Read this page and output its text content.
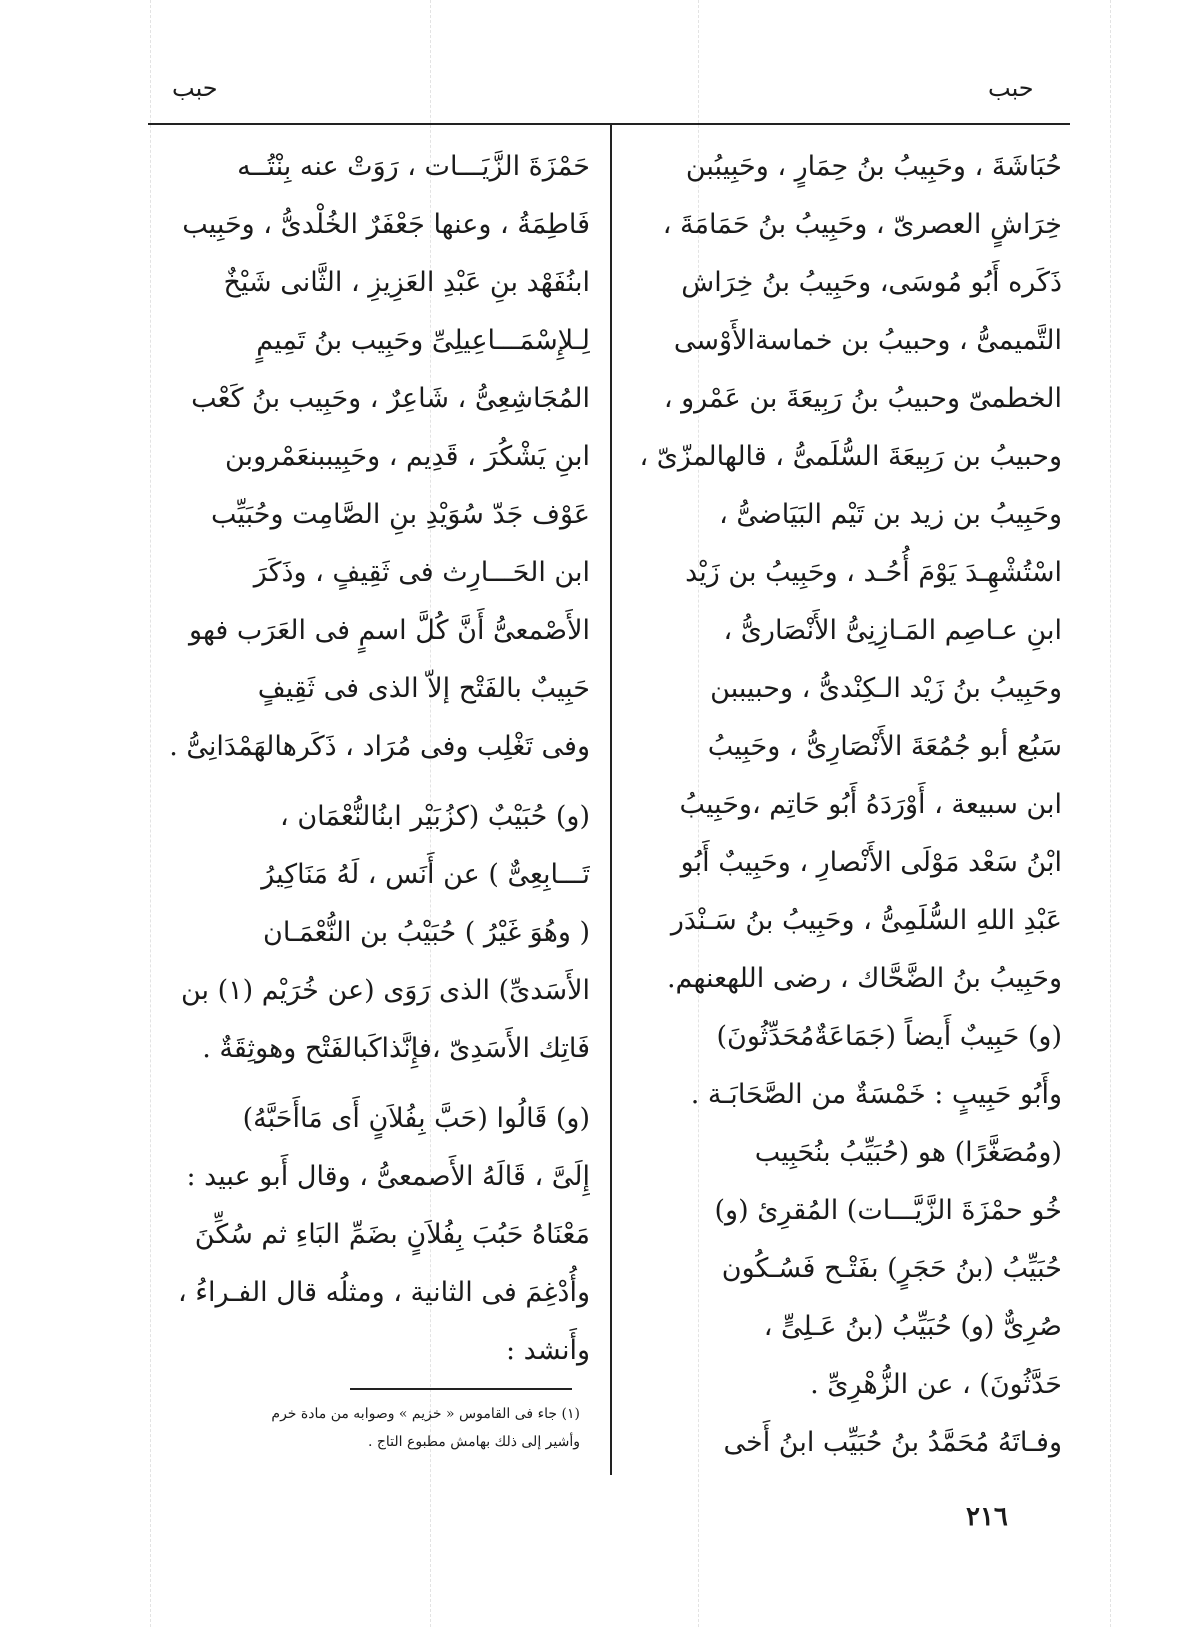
حبب	حبب
حُبَاشَةَ ، وحَبِيبُ بنُ حِمَارٍ ، وحَبِيبُبن
خِرَاشٍ العصرىّ ، وحَبِيبُ بنُ حَمَامَةَ ،
ذَكَره أَبُو مُوسَى، وحَبِيبُ بنُ خِرَاش
التَّميمىُّ ، وحبيبُ بن خماسةالأَوْسى
الخطمىّ وحبيبُ بنُ رَبِيعَةَ بن عَمْرو ،
وحبيبُ بن رَبِيعَةَ السُّلَمىُّ ، قالهالمزّىّ ،
وحَبِيبُ بن زيد بن تَيْم البَيَاضىُّ ،
اسْتُشْهِـدَ يَوْمَ أُحُـد ، وحَبِيبُ بن زَيْد
ابنِ عـاصِم المَـازِنِىُّ الأَنْصَارىُّ ،
وحَبِيبُ بنُ زَيْد الـكِنْدىُّ ، وحبيببن
سَبُع أبو جُمُعَةَ الأَنْصَارِىُّ ، وحَبِيبُ
ابن سبيعة ، أَوْرَدَهُ أَبُو حَاتِم ،وحَبِيبُ
ابْنُ سَعْد مَوْلَى الأَنْصارِ ، وحَبِيبٌ أَبُو
عَبْدِ اللهِ السُّلَمِىُّ ، وحَبِيبُ بنُ سَـنْدَر
وحَبِيبُ بنُ الضَّحَّاك ، رضى اللهعنهم.
(و) حَبِيبٌ أَيضاً (جَمَاعَةٌمُحَدِّثُونَ)
وأَبُو حَبِيبٍ : خَمْسَةٌ من الصَّحَابَـة .
(ومُصَغَّرًا) هو (حُبَيِّبُ بنُحَبِيب
خُو حمْزَةَ الزَّيَّـــات) المُقرِئ (و)
حُبَيِّبُ (بنُ حَجَرٍ) بفَتْـح فَسُـكُون
صُرِىٌّ (و) حُبَيِّبُ (بنُ عَـلِىٍّ ،
حَدَّثُونَ) ، عن الزُّهْرِىِّ .
وفـاتَهُ مُحَمَّدُ بنُ حُبَيِّب ابنُ أَخى
حَمْزَةَ الزَّيَـــات ، رَوَتْ عنه بِنْتُــه
فَاطِمَةُ ، وعنها جَعْفَرٌ الخُلْدىُّ ، وحَبِيب
ابنُفَهْد بنِ عَبْدِ العَزِيزِ ، الثَّانى شَيْخٌ
لِـلإِسْمَـــاعِيلِىِّ وحَبِيب بنُ تَمِيمٍ
المُجَاشِعِىُّ ، شَاعِرٌ ، وحَبِيب بنُ كَعْب
ابنِ يَشْكُرَ ، قَدِيم ، وحَبِيببنعَمْروبن
عَوْف جَدّ سُوَيْدِ بنِ الصَّامِت وحُبَيِّب
ابن الحَـــارِث فى ثَقِيفٍ ، وذَكَرَ
الأَصْمعىُّ أَنَّ كُلَّ اسمٍ فى العَرَب فهو
حَبِيبٌ بالفَتْح إلاّ الذى فى ثَقِيفٍ
وفى تَغْلِب وفى مُرَاد ، ذَكَرهالهَمْدَانِىُّ .
(و) حُبَيْبٌ (كزُبَيْر ابنُالنُّعْمَان ،
تَـــابِعِىٌّ ) عن أَنَس ، لَهُ مَنَاكِيرُ
( وهُوَ غَيْرُ ) حُبَيْبُ بن النُّعْمَـان
الأَسَدىِّ) الذى رَوَى (عن خُرَيْم (١) بن
فَاتِك الأَسَدِىّ ،فإِنَّذاكَبالفَتْح وهوثِقَةٌ .
(و) قَالُوا (حَبَّ بِفُلاَنٍ أَى مَاأَحَبَّهُ)
إِلَىَّ ، قَالَهُ الأَصمعىُّ ، وقال أَبو عبيد :
مَعْنَاهُ حَبُبَ بِفُلاَنٍ بضَمِّ البَاءِ ثم سُكِّنَ
وأُدْغِمَ فى الثانية ، ومثلُه قال الفـراءُ ،
وأَنشد :
(١) جاء فى القاموس « خزيم » وصوابه من مادة خرم
وأشير إلى ذلك بهامش مطبوع التاج .
٢١٦
